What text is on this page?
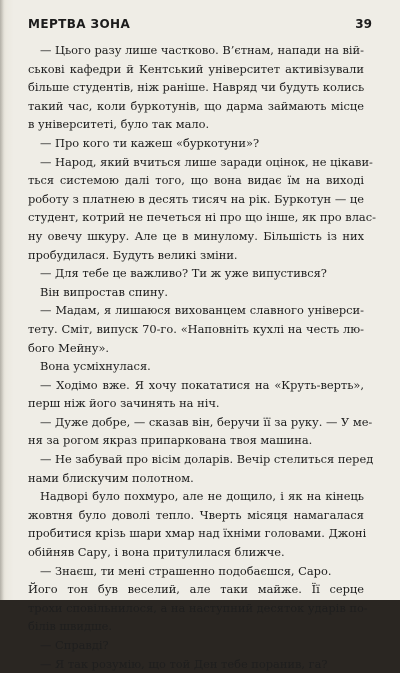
МЕРТВА ЗОНА	39
— Цього разу лише частково. В’єтнам, напади на вій-
ськові кафедри й Кентський університет активізували
більше студентів, ніж раніше. Навряд чи будуть колись
такий час, коли буркотунів, що дарма займають місце
в університеті, було так мало.
— Про кого ти кажеш «буркотуни»?
— Народ, який вчиться лише заради оцінок, не цікави-
ться системою далі того, що вона видає їм на виході
роботу з платнею в десять тисяч на рік. Буркотун — це
студент, котрий не печеться ні про що інше, як про влас-
ну овечу шкуру. Але це в минулому. Більшість із них
пробудилася. Будуть великі зміни.
— Для тебе це важливо? Ти ж уже випустився?
Він випростав спину.
— Мадам, я лишаюся вихованцем славного універси-
тету. Сміт, випуск 70-го. «Наповніть кухлі на честь лю-
бого Мейну».
Вона усміхнулася.
— Ходімо вже. Я хочу покататися на «Круть-верть»,
перш ніж його зачинять на ніч.
— Дуже добре, — сказав він, беручи її за руку. — У ме-
ня за рогом якраз припаркована твоя машина.
— Не забувай про вісім доларів. Вечір стелиться перед
нами блискучим полотном.
Надворі було похмуро, але не дощило, і як на кінець
жовтня було доволі тепло. Чверть місяця намагалася
пробитися крізь шари хмар над їхніми головами. Джоні
обійняв Сару, і вона притулилася ближче.
— Знаєш, ти мені страшенно подобаєшся, Саро.
Його тон був веселий, але таки майже. Її серце
трохи сповільнилося, а на наступний десяток ударів по-
білів швидше.
— Справді?
— Я так розумію, що той Ден тебе поранив, га?
